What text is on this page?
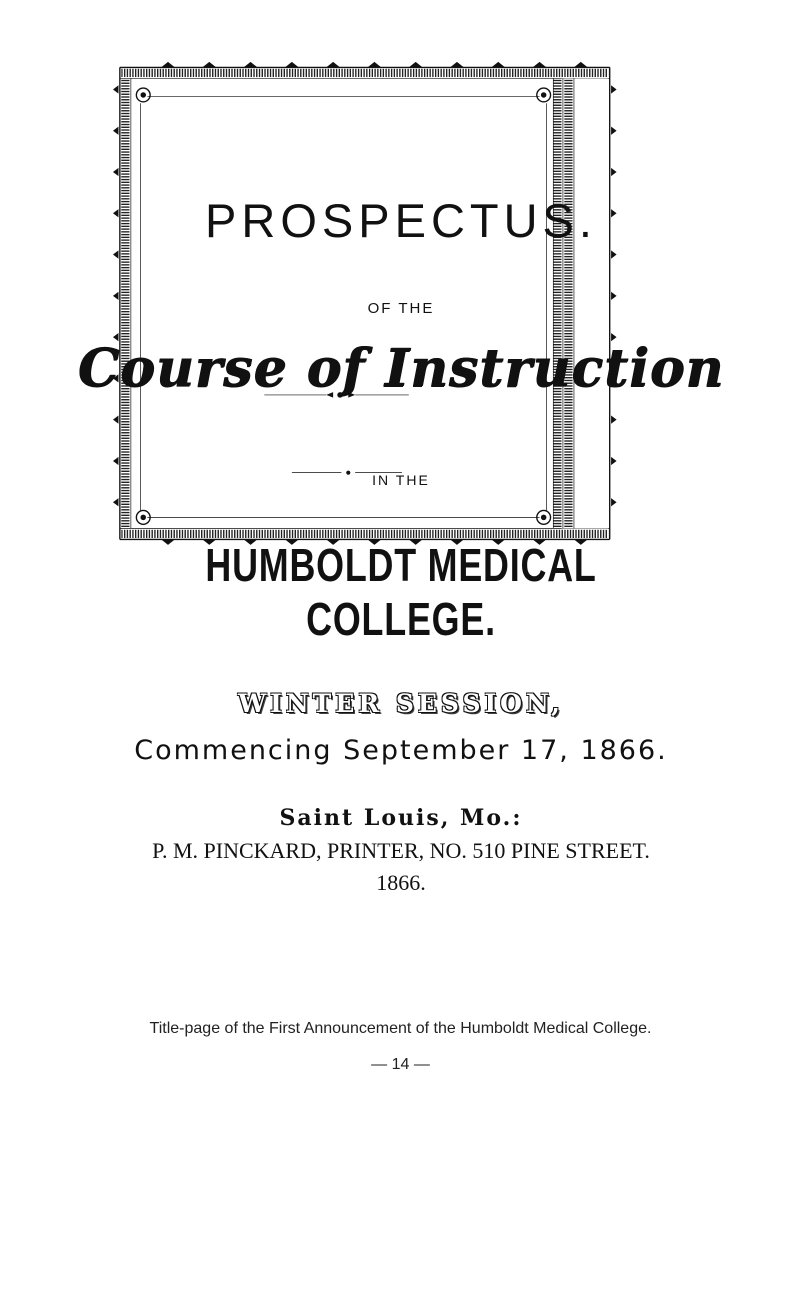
PROSPECTUS.
OF THE
Course of Instruction
IN THE
HUMBOLDT MEDICAL COLLEGE.
WINTER SESSION,
Commencing September 17, 1866.
Saint Louis, Mo.:
P. M. PINCKARD, PRINTER, NO. 510 PINE STREET.
1866.
Title-page of the First Announcement of the Humboldt Medical College.
— 14 —
